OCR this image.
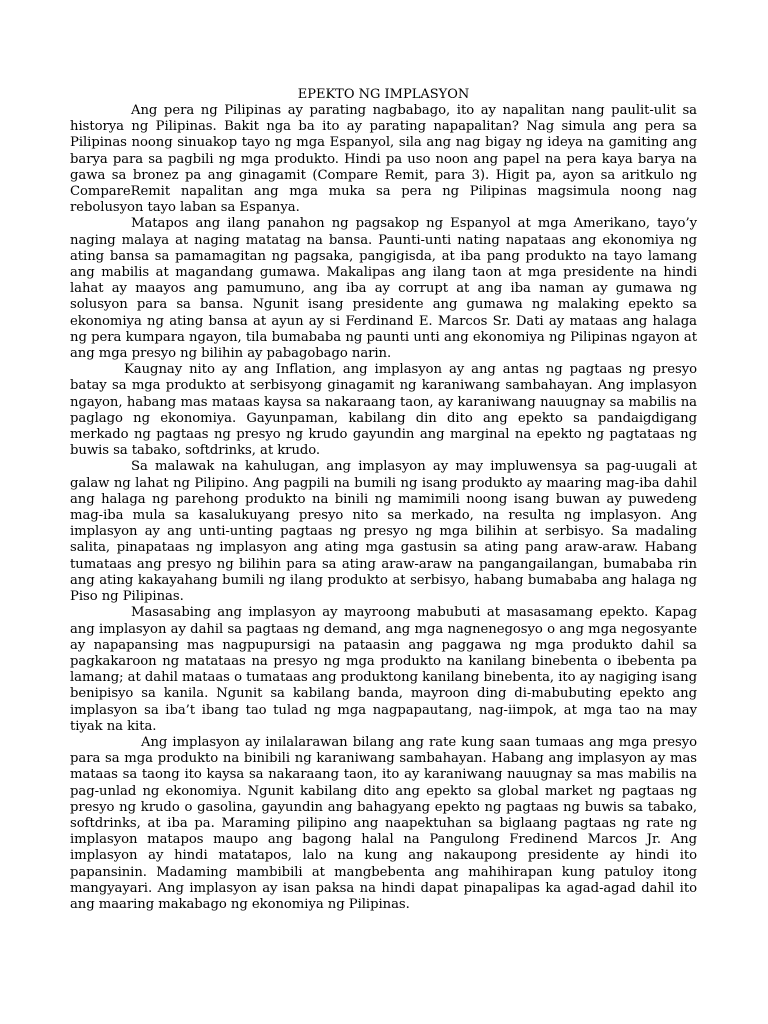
EPEKTO NG IMPLASYON

Ang pera ng Pilipinas ay parating nagbabago, ito ay napalitan nang paulit-ulit sa historya ng Pilipinas. Bakit nga ba ito ay parating napapalitan? Nag simula ang pera sa Pilipinas noong sinuakop tayo ng mga Espanyol, sila ang nag bigay ng ideya na gamiting ang barya para sa pagbili ng mga produkto. Hindi pa uso noon ang papel na pera kaya barya na gawa sa bronez pa ang ginagamit (Compare Remit, para 3). Higit pa, ayon sa aritkulo ng CompareRemit napalitan ang mga muka sa pera ng Pilipinas magsimula noong nag rebolusyon tayo laban sa Espanya.

Matapos ang ilang panahon ng pagsakop ng Espanyol at mga Amerikano, tayo’y naging malaya at naging matatag na bansa. Paunti-unti nating napataas ang ekonomiya ng ating bansa sa pamamagitan ng pagsaka, pangigisda, at iba pang produkto na tayo lamang ang mabilis at magandang gumawa. Makalipas ang ilang taon at mga presidente na hindi lahat ay maayos ang pamumuno, ang iba ay corrupt at ang iba naman ay gumawa ng solusyon para sa bansa. Ngunit isang presidente ang gumawa ng malaking epekto sa ekonomiya ng ating bansa at ayun ay si Ferdinand E. Marcos Sr. Dati ay mataas ang halaga ng pera kumpara ngayon, tila bumababa ng paunti unti ang ekonomiya ng Pilipinas ngayon at ang mga presyo ng bilihin ay pabagobago narin.

Kaugnay nito ay ang Inflation, ang implasyon ay ang antas ng pagtaas ng presyo batay sa mga produkto at serbisyong ginagamit ng karaniwang sambahayan. Ang implasyon ngayon, habang mas mataas kaysa sa nakaraang taon, ay karaniwang nauugnay sa mabilis na paglago ng ekonomiya. Gayunpaman, kabilang din dito ang epekto sa pandaigdigang merkado ng pagtaas ng presyo ng krudo gayundin ang marginal na epekto ng pagtataas ng buwis sa tabako, softdrinks, at krudo.

Sa malawak na kahulugan, ang implasyon ay may impluwensya sa pag-uugali at galaw ng lahat ng Pilipino. Ang pagpili na bumili ng isang produkto ay maaring mag-iba dahil ang halaga ng parehong produkto na binili ng mamimili noong isang buwan ay puwedeng mag-iba mula sa kasalukuyang presyo nito sa merkado, na resulta ng implasyon. Ang implasyon ay ang unti-unting pagtaas ng presyo ng mga bilihin at serbisyo. Sa madaling salita, pinapataas ng implasyon ang ating mga gastusin sa ating pang araw-araw. Habang tumataas ang presyo ng bilihin para sa ating araw-araw na pangangailangan, bumababa rin ang ating kakayahang bumili ng ilang produkto at serbisyo, habang bumababa ang halaga ng Piso ng Pilipinas.

Masasabing ang implasyon ay mayroong mabubuti at masasamang epekto. Kapag ang implasyon ay dahil sa pagtaas ng demand, ang mga nagnenegosyo o ang mga negosyante ay napapansing mas nagpupursigi na pataasin ang paggawa ng mga produkto dahil sa pagkakaroon ng matataas na presyo ng mga produkto na kanilang binebenta o ibebenta pa lamang; at dahil mataas o tumataas ang produktong kanilang binebenta, ito ay nagiging isang benipisyo sa kanila. Ngunit sa kabilang banda, mayroon ding di-mabubuting epekto ang implasyon sa iba’t ibang tao tulad ng mga nagpapautang, nag-iimpok, at mga tao na may tiyak na kita.

Ang implasyon ay inilalarawan bilang ang rate kung saan tumaas ang mga presyo para sa mga produkto na binibili ng karaniwang sambahayan. Habang ang implasyon ay mas mataas sa taong ito kaysa sa nakaraang taon, ito ay karaniwang nauugnay sa mas mabilis na pag-unlad ng ekonomiya. Ngunit kabilang dito ang epekto sa global market ng pagtaas ng presyo ng krudo o gasolina, gayundin ang bahagyang epekto ng pagtaas ng buwis sa tabako, softdrinks, at iba pa. Maraming pilipino ang naapektuhan sa biglaang pagtaas ng rate ng implasyon matapos maupo ang bagong halal na Pangulong Fredinend Marcos Jr. Ang implasyon ay hindi matatapos, lalo na kung ang nakaupong presidente ay hindi ito papansinin. Madaming mambibili at mangbebenta ang mahihirapan kung patuloy itong mangyayari. Ang implasyon ay isan paksa na hindi dapat pinapalipas ka agad-agad dahil ito ang maaring makabago ng ekonomiya ng Pilipinas.
